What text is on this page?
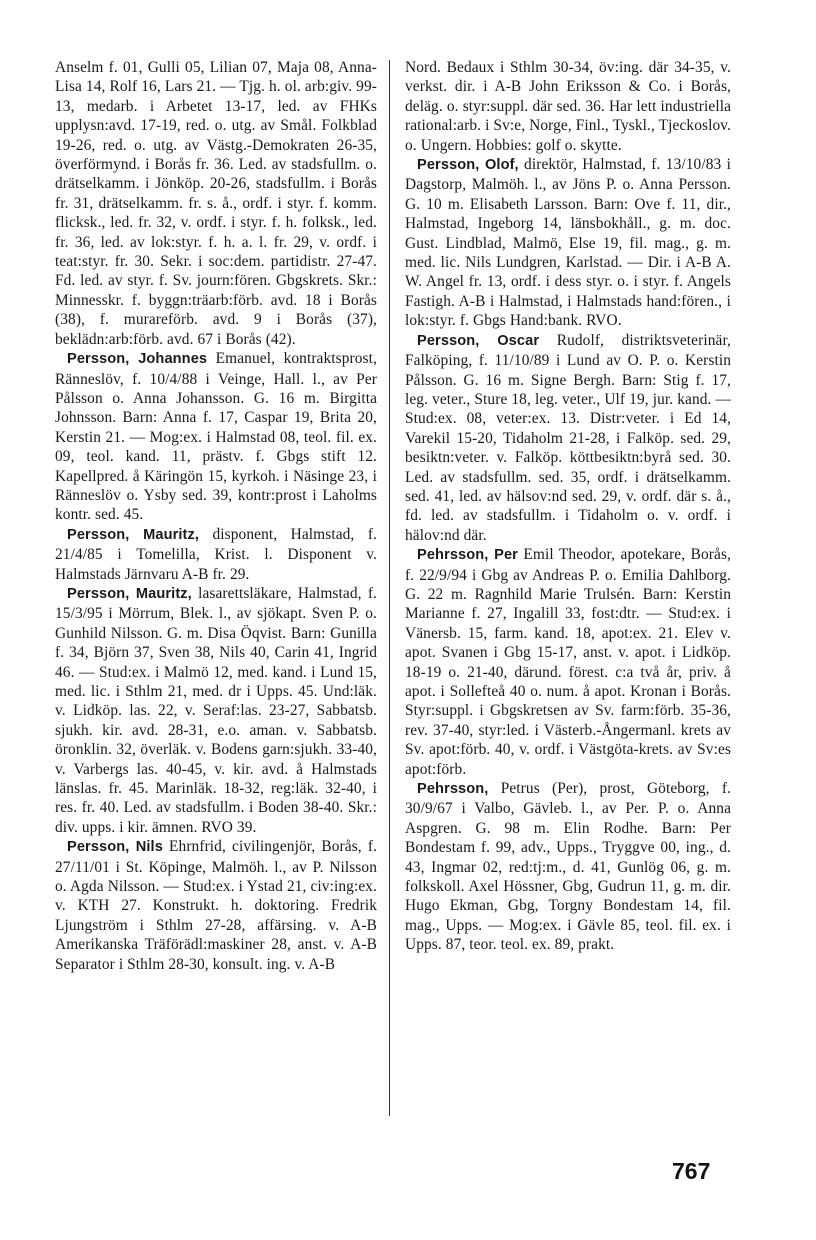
Anselm f. 01, Gulli 05, Lilian 07, Maja 08, Anna-Lisa 14, Rolf 16, Lars 21. — Tjg. h. ol. arb:giv. 99-13, medarb. i Arbetet 13-17, led. av FHKs upplysn:avd. 17-19, red. o. utg. av Smål. Folkblad 19-26, red. o. utg. av Västg.-Demokraten 26-35, överförmynd. i Borås fr. 36. Led. av stadsfullm. o. drätselkamm. i Jönköp. 20-26, stadsfullm. i Borås fr. 31, drätselkamm. fr. s. å., ordf. i styr. f. komm. flicksk., led. fr. 32, v. ordf. i styr. f. h. folksk., led. fr. 36, led. av lok:styr. f. h. a. l. fr. 29, v. ordf. i teat:styr. fr. 30. Sekr. i soc:dem. partidistr. 27-47. Fd. led. av styr. f. Sv. journ:fören. Gbgskrets. Skr.: Minnesskr. f. byggn:träarb:förb. avd. 18 i Borås (38), f. murareförb. avd. 9 i Borås (37), beklädn:arb:förb. avd. 67 i Borås (42).

Persson, Johannes Emanuel, kontraktsprost, Ränneslöv, f. 10/4/88 i Veinge, Hall. l., av Per Pålsson o. Anna Johansson. G. 16 m. Birgitta Johnsson. Barn: Anna f. 17, Caspar 19, Brita 20, Kerstin 21. — Mog:ex. i Halmstad 08, teol. fil. ex. 09, teol. kand. 11, prästv. f. Gbgs stift 12. Kapellpred. å Käringön 15, kyrkoh. i Näsinge 23, i Ränneslöv o. Ysby sed. 39, kontr:prost i Laholms kontr. sed. 45.

Persson, Mauritz, disponent, Halmstad, f. 21/4/85 i Tomelilla, Krist. l. Disponent v. Halmstads Järnvaru A-B fr. 29.

Persson, Mauritz, lasarettsläkare, Halmstad, f. 15/3/95 i Mörrum, Blek. l., av sjökapt. Sven P. o. Gunhild Nilsson. G. m. Disa Öqvist. Barn: Gunilla f. 34, Björn 37, Sven 38, Nils 40, Carin 41, Ingrid 46. — Stud:ex. i Malmö 12, med. kand. i Lund 15, med. lic. i Sthlm 21, med. dr i Upps. 45. Und:läk. v. Lidköp. las. 22, v. Seraf:las. 23-27, Sabbatsb. sjukh. kir. avd. 28-31, e.o. aman. v. Sabbatsb. öronklin. 32, överläk. v. Bodens garn:sjukh. 33-40, v. Varbergs las. 40-45, v. kir. avd. å Halmstads länslas. fr. 45. Marinläk. 18-32, reg:läk. 32-40, i res. fr. 40. Led. av stadsfullm. i Boden 38-40. Skr.: div. upps. i kir. ämnen. RVO 39.

Persson, Nils Ehrnfrid, civilingenjör, Borås, f. 27/11/01 i St. Köpinge, Malmöh. l., av P. Nilsson o. Agda Nilsson. — Stud:ex. i Ystad 21, civ:ing:ex. v. KTH 27. Konstrukt. h. doktoring. Fredrik Ljungström i Sthlm 27-28, affärsing. v. A-B Amerikanska Träförädl:maskiner 28, anst. v. A-B Separator i Sthlm 28-30, konsult. ing. v. A-B

Nord. Bedaux i Sthlm 30-34, öv:ing. där 34-35, v. verkst. dir. i A-B John Eriksson & Co. i Borås, deläg. o. styr:suppl. där sed. 36. Har lett industriella rational:arb. i Sv:e, Norge, Finl., Tyskl., Tjeckoslov. o. Ungern. Hobbies: golf o. skytte.

Persson, Olof, direktör, Halmstad, f. 13/10/83 i Dagstorp, Malmöh. l., av Jöns P. o. Anna Persson. G. 10 m. Elisabeth Larsson. Barn: Ove f. 11, dir., Halmstad, Ingeborg 14, länsbokhåll., g. m. doc. Gust. Lindblad, Malmö, Else 19, fil. mag., g. m. med. lic. Nils Lundgren, Karlstad. — Dir. i A-B A. W. Angel fr. 13, ordf. i dess styr. o. i styr. f. Angels Fastigh. A-B i Halmstad, i Halmstads hand:fören., i lok:styr. f. Gbgs Hand:bank. RVO.

Persson, Oscar Rudolf, distriktsveterinär, Falköping, f. 11/10/89 i Lund av O. P. o. Kerstin Pålsson. G. 16 m. Signe Bergh. Barn: Stig f. 17, leg. veter., Sture 18, leg. veter., Ulf 19, jur. kand. — Stud:ex. 08, veter:ex. 13. Distr:veter. i Ed 14, Varekil 15-20, Tidaholm 21-28, i Falköp. sed. 29, besiktn:veter. v. Falköp. köttbesiktn:byrå sed. 30. Led. av stadsfullm. sed. 35, ordf. i drätselkamm. sed. 41, led. av hälsov:nd sed. 29, v. ordf. där s. å., fd. led. av stadsfullm. i Tidaholm o. v. ordf. i hälov:nd där.

Pehrsson, Per Emil Theodor, apotekare, Borås, f. 22/9/94 i Gbg av Andreas P. o. Emilia Dahlborg. G. 22 m. Ragnhild Marie Trulsén. Barn: Kerstin Marianne f. 27, Ingalill 33, fost:dtr. — Stud:ex. i Vänersb. 15, farm. kand. 18, apot:ex. 21. Elev v. apot. Svanen i Gbg 15-17, anst. v. apot. i Lidköp. 18-19 o. 21-40, därund. förest. c:a två år, priv. å apot. i Sollefteå 40 o. num. å apot. Kronan i Borås. Styr:suppl. i Gbgskretsen av Sv. farm:förb. 35-36, rev. 37-40, styr:led. i Västerb.-Ångermanl. krets av Sv. apot:förb. 40, v. ordf. i Västgöta-krets. av Sv:es apot:förb.

Pehrsson, Petrus (Per), prost, Göteborg, f. 30/9/67 i Valbo, Gävleb. l., av Per. P. o. Anna Aspgren. G. 98 m. Elin Rodhe. Barn: Per Bondestam f. 99, adv., Upps., Tryggve 00, ing., d. 43, Ingmar 02, red:tj:m., d. 41, Gunlög 06, g. m. folkskoll. Axel Hössner, Gbg, Gudrun 11, g. m. dir. Hugo Ekman, Gbg, Torgny Bondestam 14, fil. mag., Upps. — Mog:ex. i Gävle 85, teol. fil. ex. i Upps. 87, teor. teol. ex. 89, prakt.

767
